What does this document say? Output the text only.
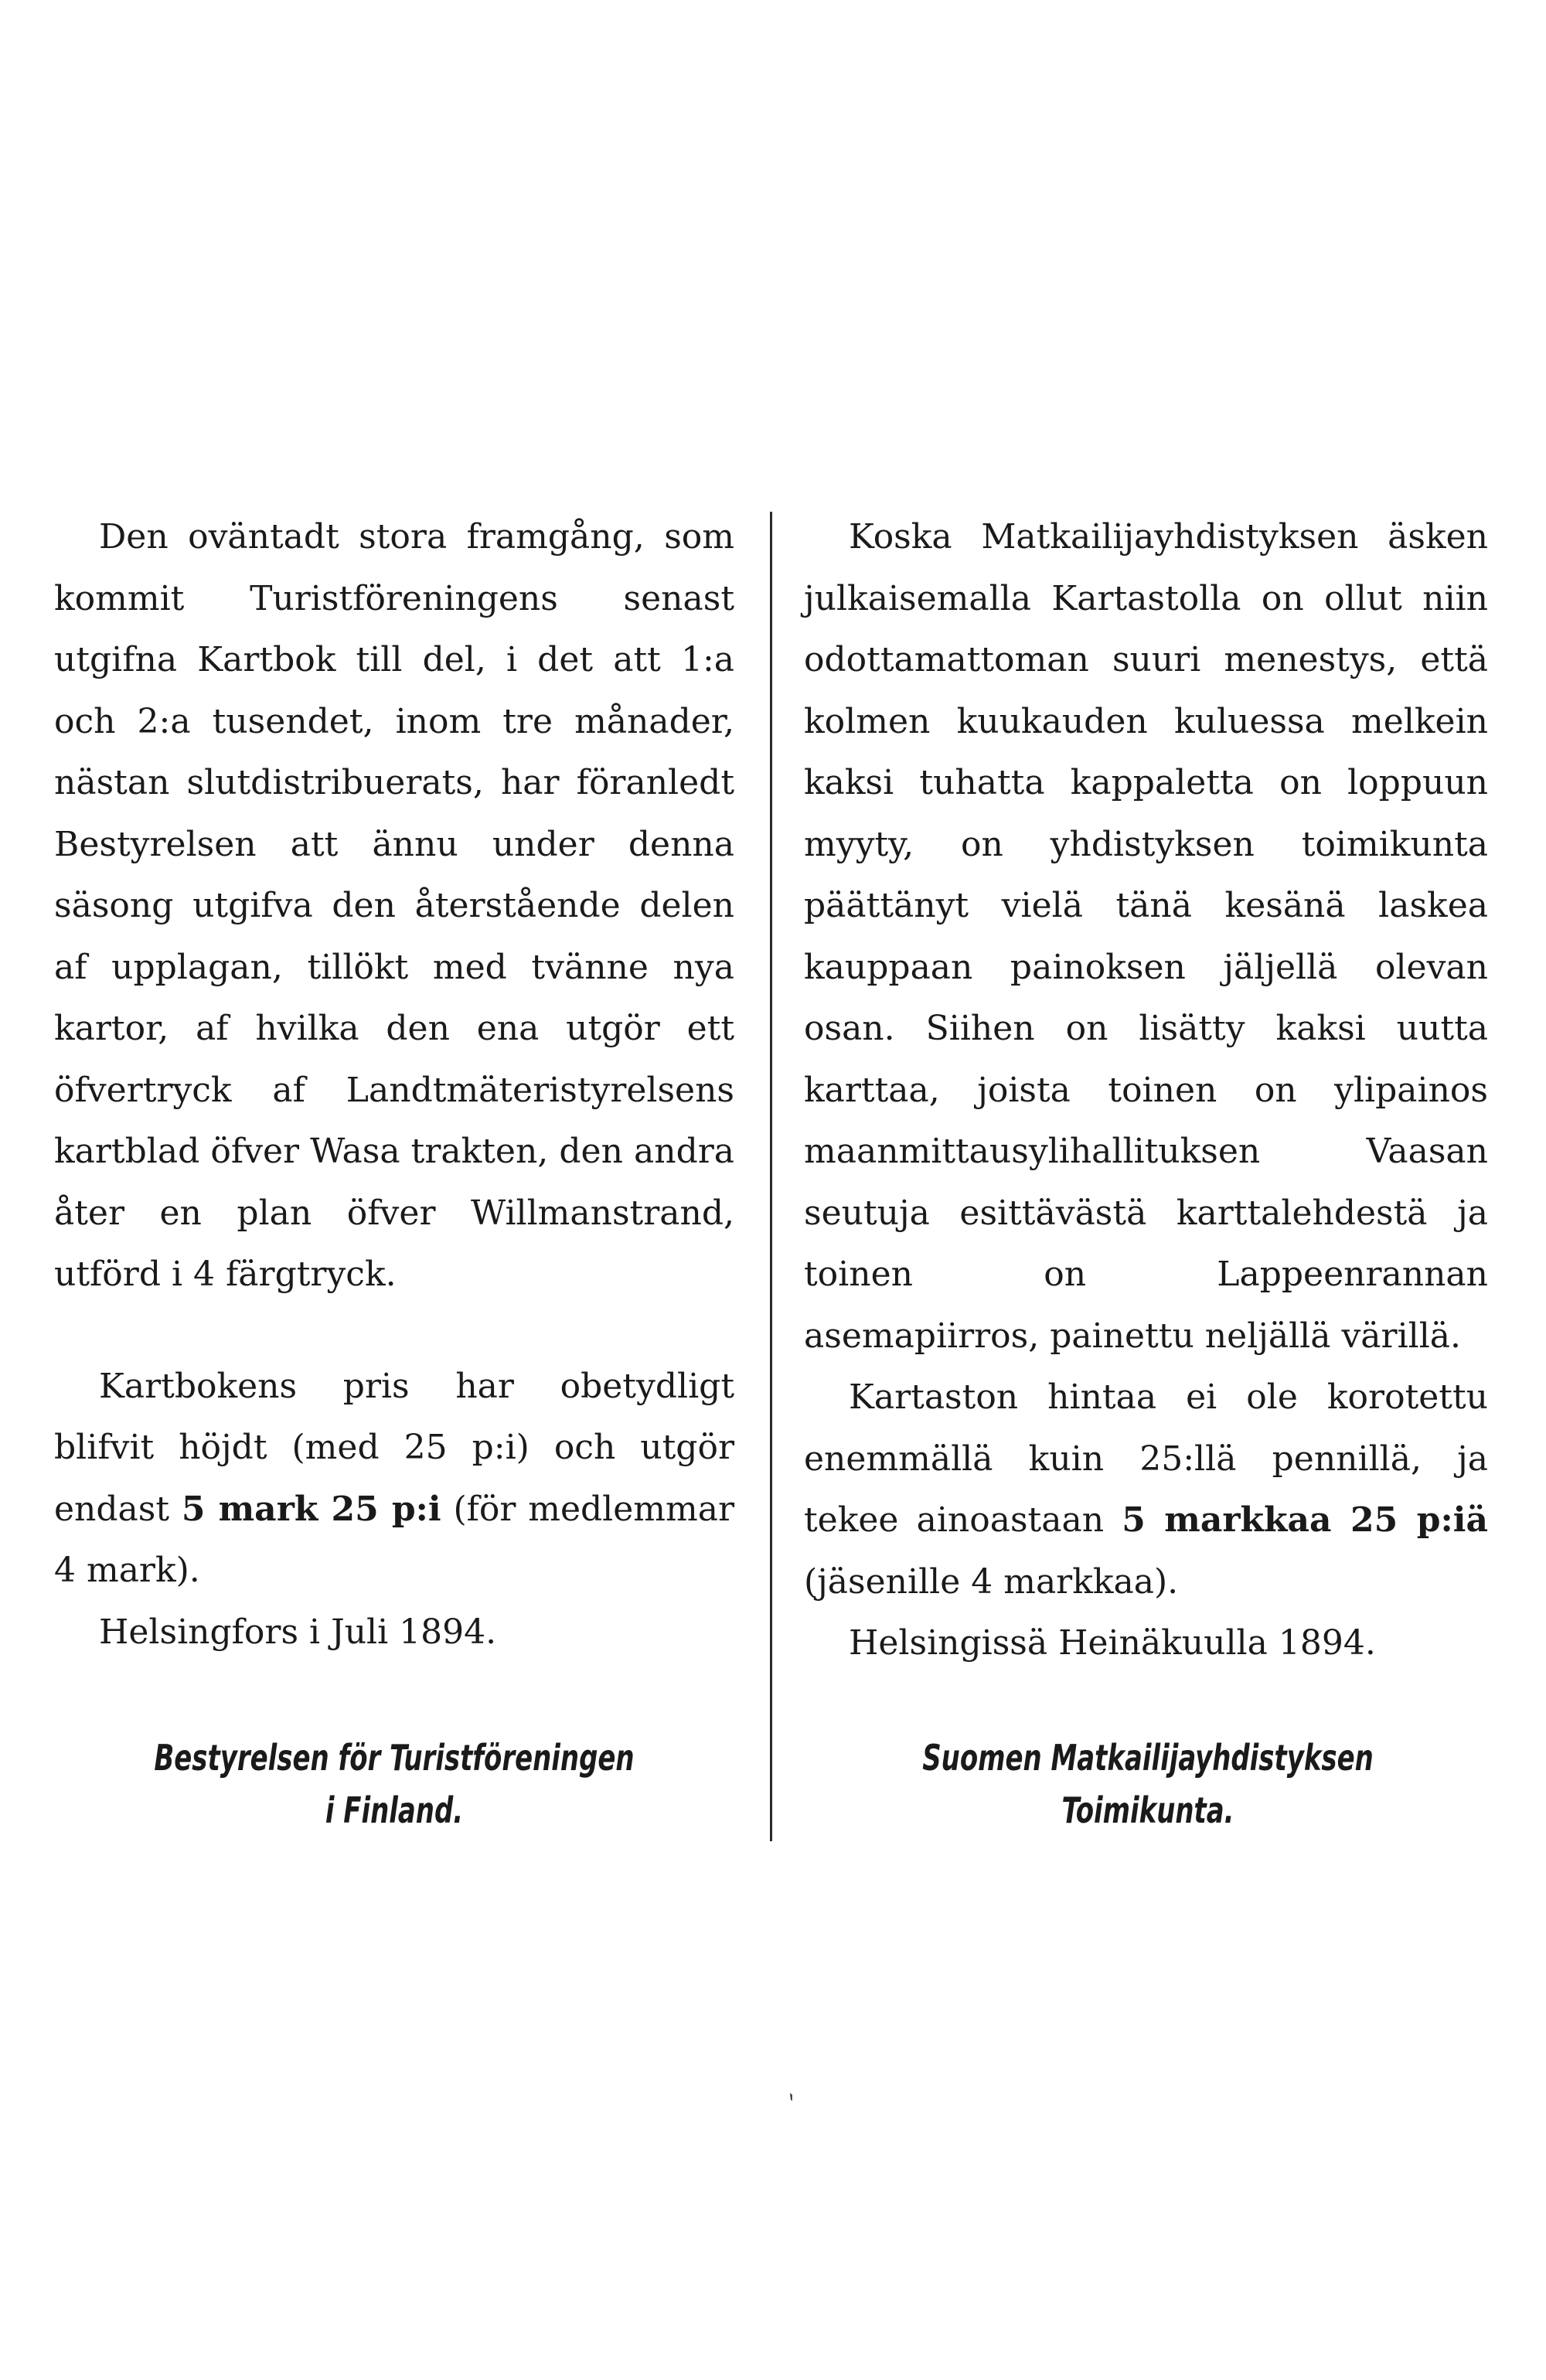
Den oväntadt stora framgång, som kommit Turistföreningens senast utgifna Kartbok till del, i det att 1:a och 2:a tusendet, inom tre månader, nästan slutdistribuerats, har föranledt Bestyrelsen att ännu under denna säsong utgifva den återstående delen af upplagan, tillökt med tvänne nya kartor, af hvilka den ena utgör ett öfvertryck af Landtmäteristyrelsens kartblad öfver Wasa trakten, den andra åter en plan öfver Willmanstrand, utförd i 4 färgtryck.

Kartbokens pris har obetydligt blifvit höjdt (med 25 p:i) och utgör endast 5 mark 25 p:i (för medlemmar 4 mark).

Helsingfors i Juli 1894.

Koska Matkailijayhdistyksen äsken julkaisemalla Kartastolla on ollut niin odottamattoman suuri menestys, että kolmen kuukauden kuluessa melkein kaksi tuhatta kappaletta on loppuun myyty, on yhdistyksen toimikunta päättänyt vielä tänä kesänä laskea kauppaan painoksen jäljellä olevan osan. Siihen on lisätty kaksi uutta karttaa, joista toinen on ylipainos maanmittausylihallituksen Vaasan seutuja esittävästä karttalehdestä ja toinen on Lappeenrannan asemapiirros, painettu neljällä värillä.

Kartaston hintaa ei ole korotettu enemmällä kuin 25:llä pennillä, ja tekee ainoastaan 5 markkaa 25 p:iä (jäsenille 4 markkaa).

Helsingissä Heinäkuulla 1894.

Bestyrelsen för Turistföreningen
i Finland.
Suomen Matkailijayhdistyksen
Toimikunta.
`
